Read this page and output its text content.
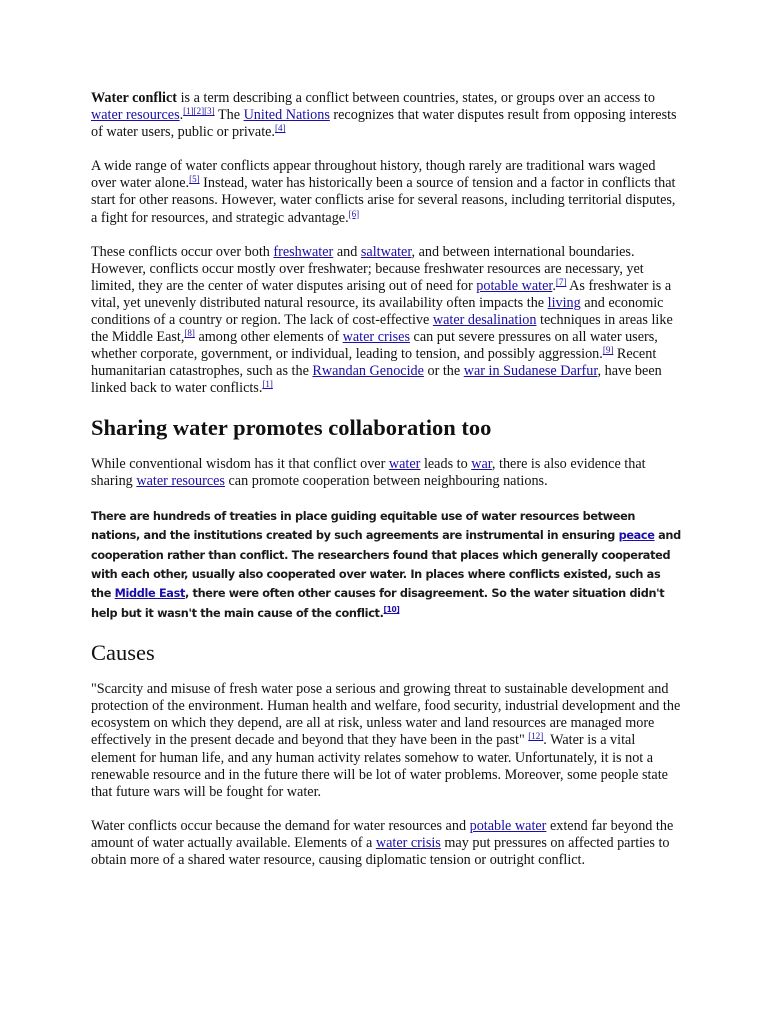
Water conflict is a term describing a conflict between countries, states, or groups over an access to water resources.[1][2][3] The United Nations recognizes that water disputes result from opposing interests of water users, public or private.[4]

A wide range of water conflicts appear throughout history, though rarely are traditional wars waged over water alone.[5] Instead, water has historically been a source of tension and a factor in conflicts that start for other reasons. However, water conflicts arise for several reasons, including territorial disputes, a fight for resources, and strategic advantage.[6]

These conflicts occur over both freshwater and saltwater, and between international boundaries. However, conflicts occur mostly over freshwater; because freshwater resources are necessary, yet limited, they are the center of water disputes arising out of need for potable water.[7] As freshwater is a vital, yet unevenly distributed natural resource, its availability often impacts the living and economic conditions of a country or region. The lack of cost-effective water desalination techniques in areas like the Middle East,[8] among other elements of water crises can put severe pressures on all water users, whether corporate, government, or individual, leading to tension, and possibly aggression.[9] Recent humanitarian catastrophes, such as the Rwandan Genocide or the war in Sudanese Darfur, have been linked back to water conflicts.[1]

Sharing water promotes collaboration too

While conventional wisdom has it that conflict over water leads to war, there is also evidence that sharing water resources can promote cooperation between neighbouring nations.

There are hundreds of treaties in place guiding equitable use of water resources between nations, and the institutions created by such agreements are instrumental in ensuring peace and cooperation rather than conflict. The researchers found that places which generally cooperated with each other, usually also cooperated over water. In places where conflicts existed, such as the Middle East, there were often other causes for disagreement. So the water situation didn't help but it wasn't the main cause of the conflict.[10]

Causes

"Scarcity and misuse of fresh water pose a serious and growing threat to sustainable development and protection of the environment. Human health and welfare, food security, industrial development and the ecosystem on which they depend, are all at risk, unless water and land resources are managed more effectively in the present decade and beyond that they have been in the past" [12]. Water is a vital element for human life, and any human activity relates somehow to water. Unfortunately, it is not a renewable resource and in the future there will be lot of water problems. Moreover, some people state that future wars will be fought for water.

Water conflicts occur because the demand for water resources and potable water extend far beyond the amount of water actually available. Elements of a water crisis may put pressures on affected parties to obtain more of a shared water resource, causing diplomatic tension or outright conflict.
